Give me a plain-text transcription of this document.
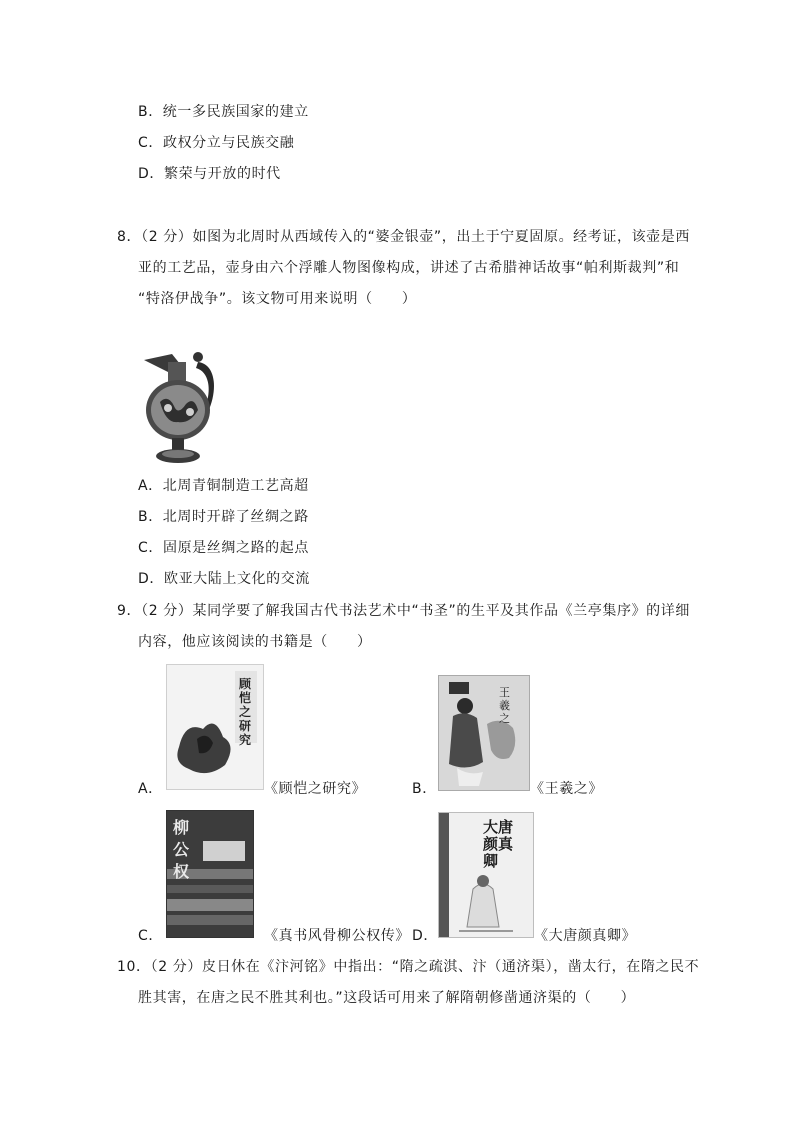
B．统一多民族国家的建立
C．政权分立与民族交融
D．繁荣与开放的时代
8．（2 分）如图为北周时从西域传入的“婆金银壶”，出土于宁夏固原。经考证，该壶是西
亚的工艺品，壶身由六个浮雕人物图像构成，讲述了古希腊神话故事“帕利斯裁判”和
“特洛伊战争”。该文物可用来说明（　　）
A．北周青铜制造工艺高超
B．北周时开辟了丝绸之路
C．固原是丝绸之路的起点
D．欧亚大陆上文化的交流
9．（2 分）某同学要了解我国古代书法艺术中“书圣”的生平及其作品《兰亭集序》的详细
内容，他应该阅读的书籍是（　　）
顾恺之研究
A．	《顾恺之研究》
王羲之
B．	《王羲之》
柳公权
C．	《真书风骨柳公权传》
大唐颜真卿
D．	《大唐颜真卿》
10．（2 分）皮日休在《汴河铭》中指出：“隋之疏淇、汴（通济渠），凿太行，在隋之民不
胜其害，在唐之民不胜其利也。”这段话可用来了解隋朝修凿通济渠的（　　）
